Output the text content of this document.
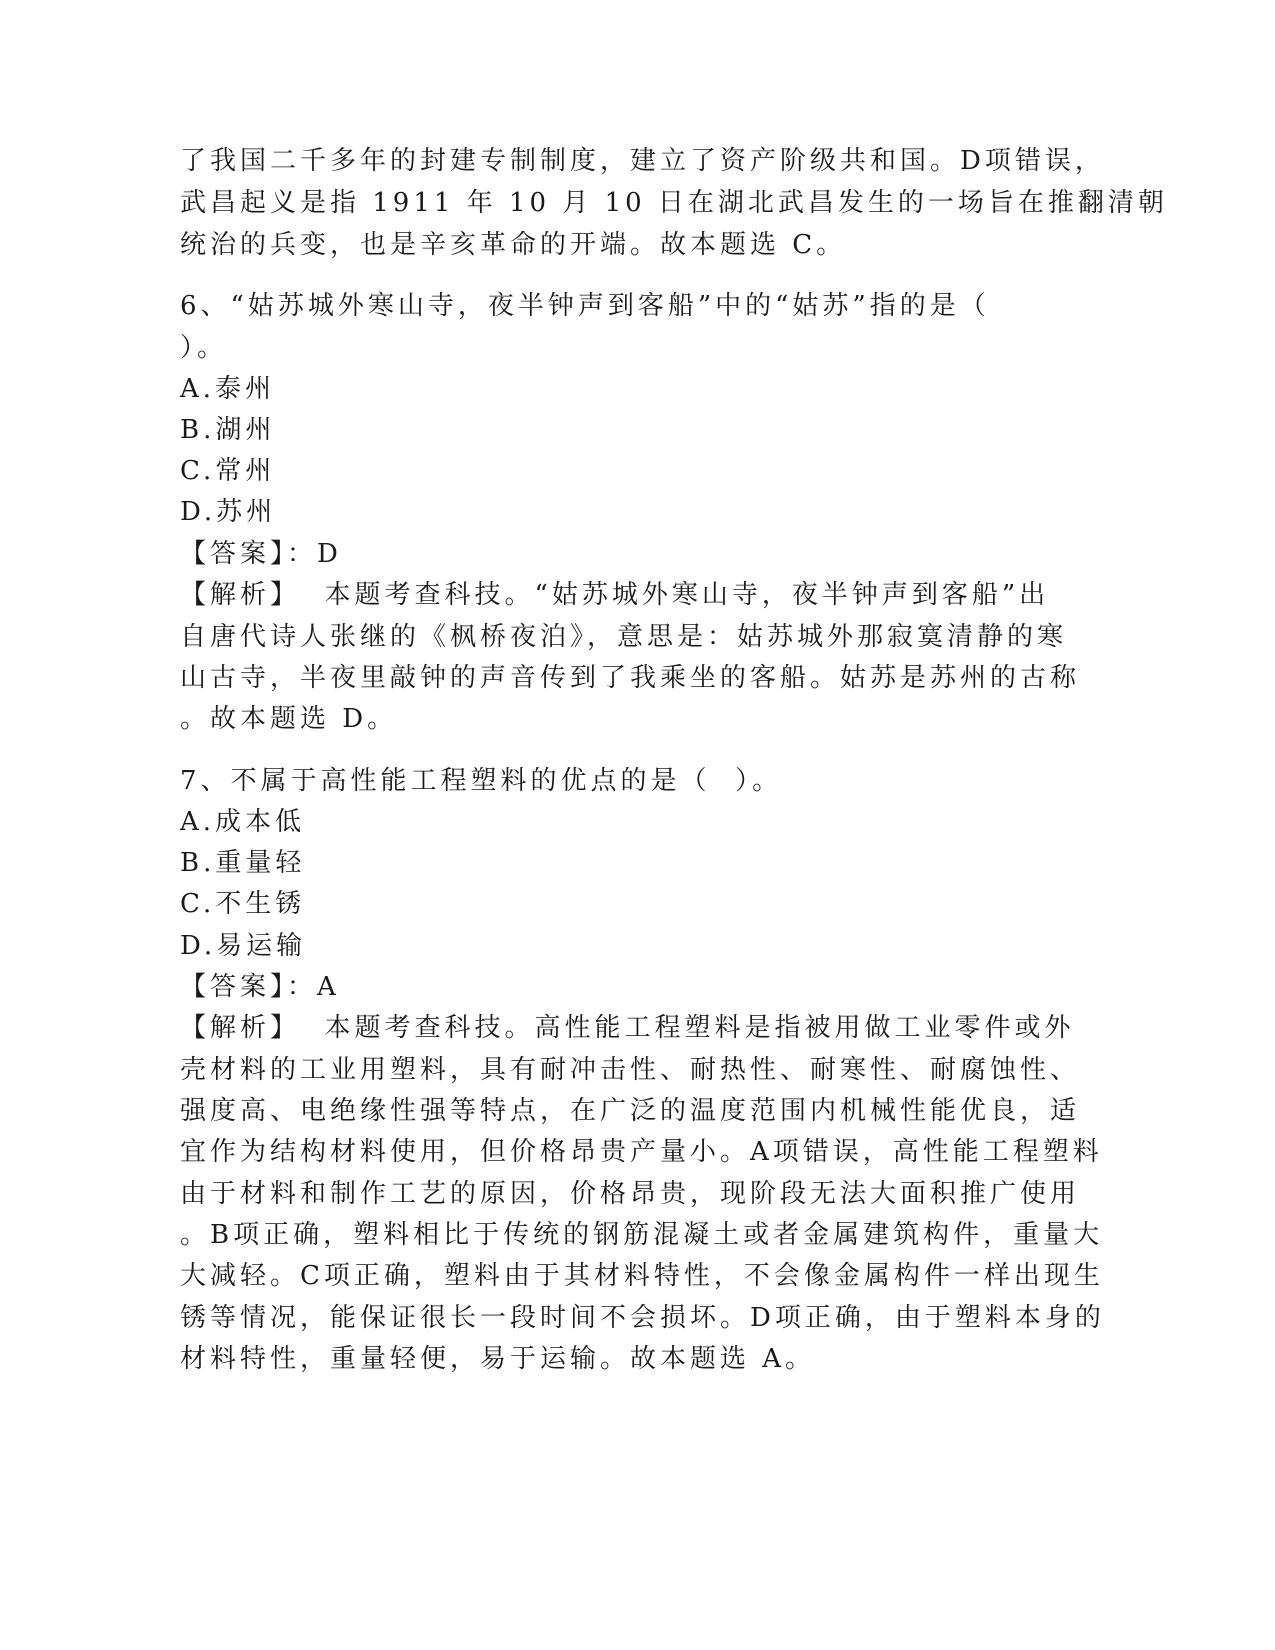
了我国二千多年的封建专制制度，建立了资产阶级共和国。D项错误，
武昌起义是指 1911 年 10 月 10 日在湖北武昌发生的一场旨在推翻清朝
统治的兵变，也是辛亥革命的开端。故本题选 C。
6、“姑苏城外寒山寺，夜半钟声到客船”中的“姑苏”指的是（
）。
A.泰州
B.湖州
C.常州
D.苏州
【答案】：D
【解析】  本题考查科技。“姑苏城外寒山寺，夜半钟声到客船”出
自唐代诗人张继的《枫桥夜泊》，意思是：姑苏城外那寂寞清静的寒
山古寺，半夜里敲钟的声音传到了我乘坐的客船。姑苏是苏州的古称
。故本题选 D。
7、不属于高性能工程塑料的优点的是（  ）。
A.成本低
B.重量轻
C.不生锈
D.易运输
【答案】：A
【解析】  本题考查科技。高性能工程塑料是指被用做工业零件或外
壳材料的工业用塑料，具有耐冲击性、耐热性、耐寒性、耐腐蚀性、
强度高、电绝缘性强等特点，在广泛的温度范围内机械性能优良，适
宜作为结构材料使用，但价格昂贵产量小。A项错误，高性能工程塑料
由于材料和制作工艺的原因，价格昂贵，现阶段无法大面积推广使用
。B项正确，塑料相比于传统的钢筋混凝土或者金属建筑构件，重量大
大减轻。C项正确，塑料由于其材料特性，不会像金属构件一样出现生
锈等情况，能保证很长一段时间不会损坏。D项正确，由于塑料本身的
材料特性，重量轻便，易于运输。故本题选 A。
